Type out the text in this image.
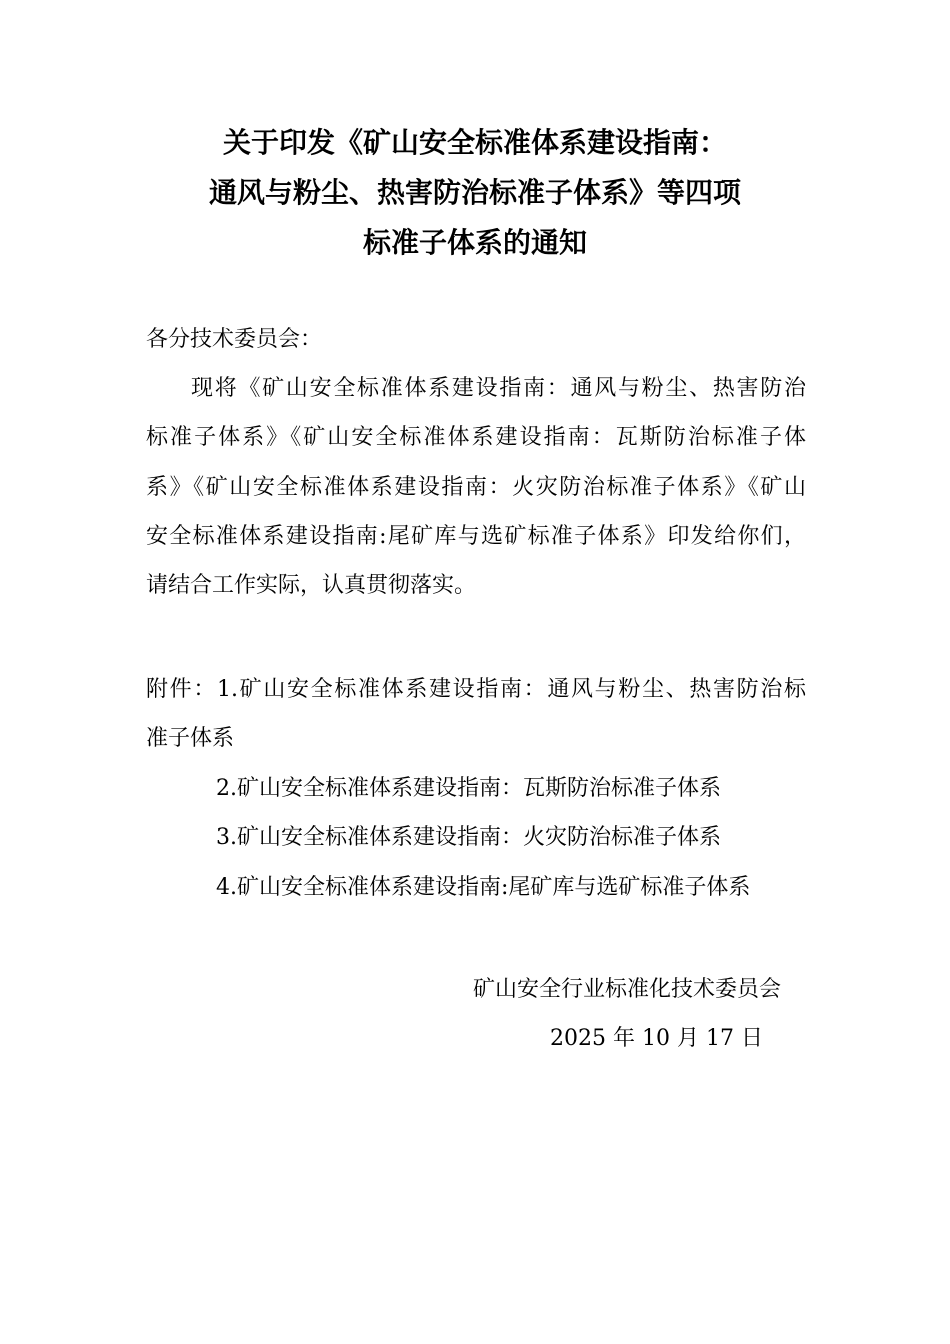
关于印发《矿山安全标准体系建设指南：
通风与粉尘、热害防治标准子体系》等四项
标准子体系的通知

各分技术委员会：

现将《矿山安全标准体系建设指南：通风与粉尘、热害防治

标准子体系》《矿山安全标准体系建设指南：瓦斯防治标准子体

系》《矿山安全标准体系建设指南：火灾防治标准子体系》《矿山

安全标准体系建设指南:尾矿库与选矿标准子体系》印发给你们，

请结合工作实际，认真贯彻落实。

附件：1.矿山安全标准体系建设指南：通风与粉尘、热害防治标

准子体系

2.矿山安全标准体系建设指南：瓦斯防治标准子体系

3.矿山安全标准体系建设指南：火灾防治标准子体系

4.矿山安全标准体系建设指南:尾矿库与选矿标准子体系

矿山安全行业标准化技术委员会
2025 年 10 月 17 日
